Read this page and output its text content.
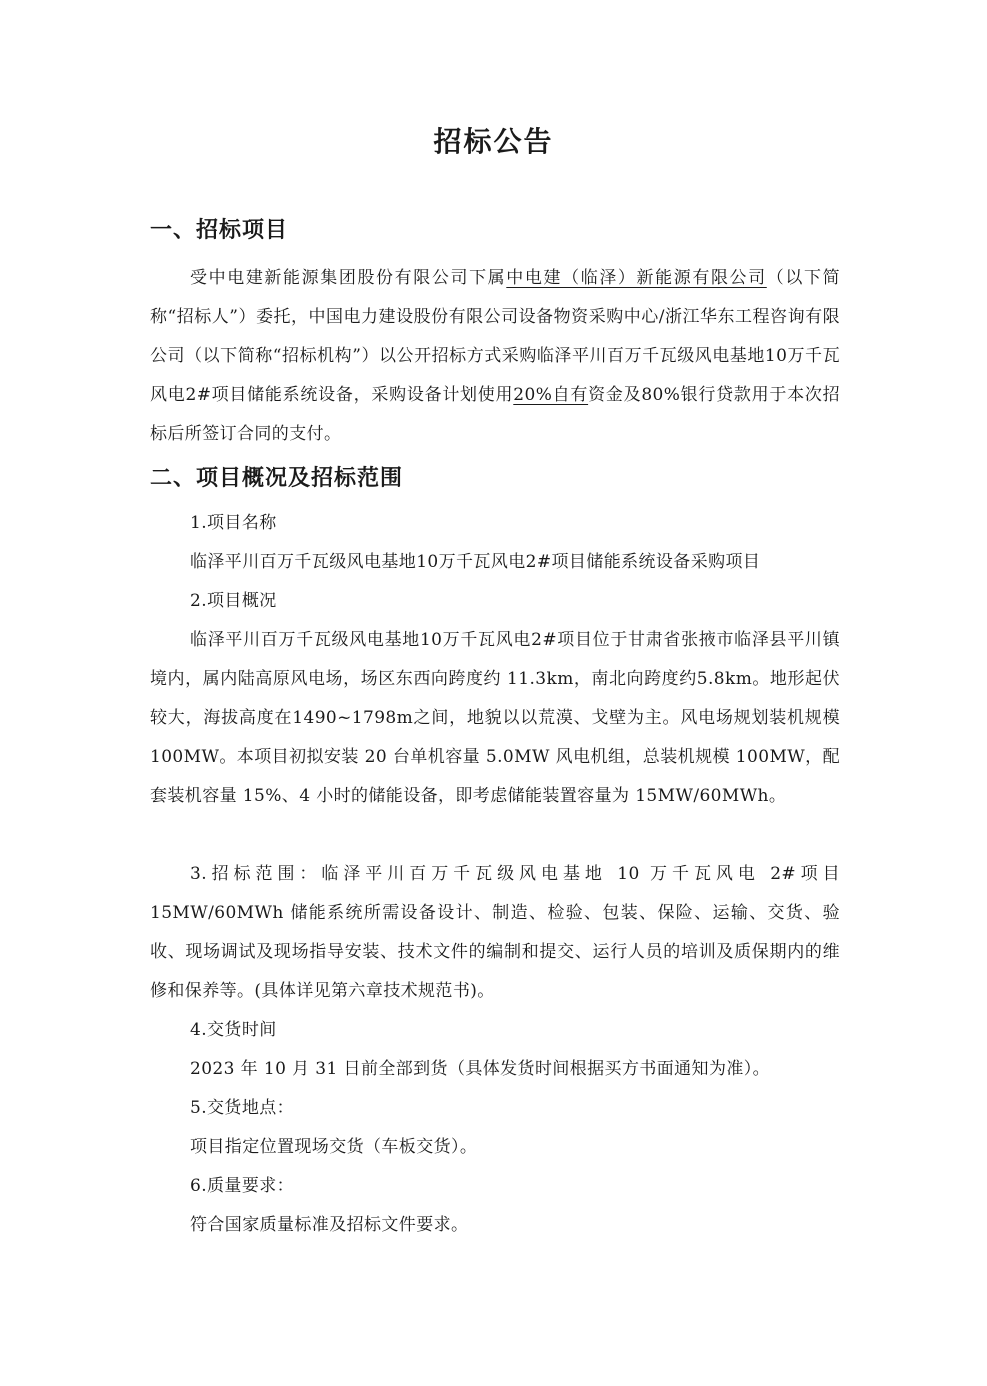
招标公告
一、招标项目

受中电建新能源集团股份有限公司下属中电建（临泽）新能源有限公司（以下简称“招标人”）委托，中国电力建设股份有限公司设备物资采购中心/浙江华东工程咨询有限公司（以下简称“招标机构”）以公开招标方式采购临泽平川百万千瓦级风电基地10万千瓦风电2#项目储能系统设备，采购设备计划使用20%自有资金及80%银行贷款用于本次招标后所签订合同的支付。

二、项目概况及招标范围
1.项目名称
临泽平川百万千瓦级风电基地10万千瓦风电2#项目储能系统设备采购项目
2.项目概况

临泽平川百万千瓦级风电基地10万千瓦风电2#项目位于甘肃省张掖市临泽县平川镇境内，属内陆高原风电场，场区东西向跨度约 11.3km，南北向跨度约5.8km。地形起伏较大，海拔高度在1490~1798m之间，地貌以以荒漠、戈壁为主。风电场规划装机规模 100MW。本项目初拟安装 20 台单机容量 5.0MW 风电机组，总装机规模 100MW，配套装机容量 15%、4 小时的储能设备，即考虑储能装置容量为 15MW/60MWh。

3.招标范围：临泽平川百万千瓦级风电基地 10 万千瓦风电 2#项目 15MW/60MWh 储能系统所需设备设计、制造、检验、包装、保险、运输、交货、验收、现场调试及现场指导安装、技术文件的编制和提交、运行人员的培训及质保期内的维修和保养等。(具体详见第六章技术规范书)。

4.交货时间
2023 年 10 月 31 日前全部到货（具体发货时间根据买方书面通知为准）。
5.交货地点：
项目指定位置现场交货（车板交货）。
6.质量要求：
符合国家质量标准及招标文件要求。
